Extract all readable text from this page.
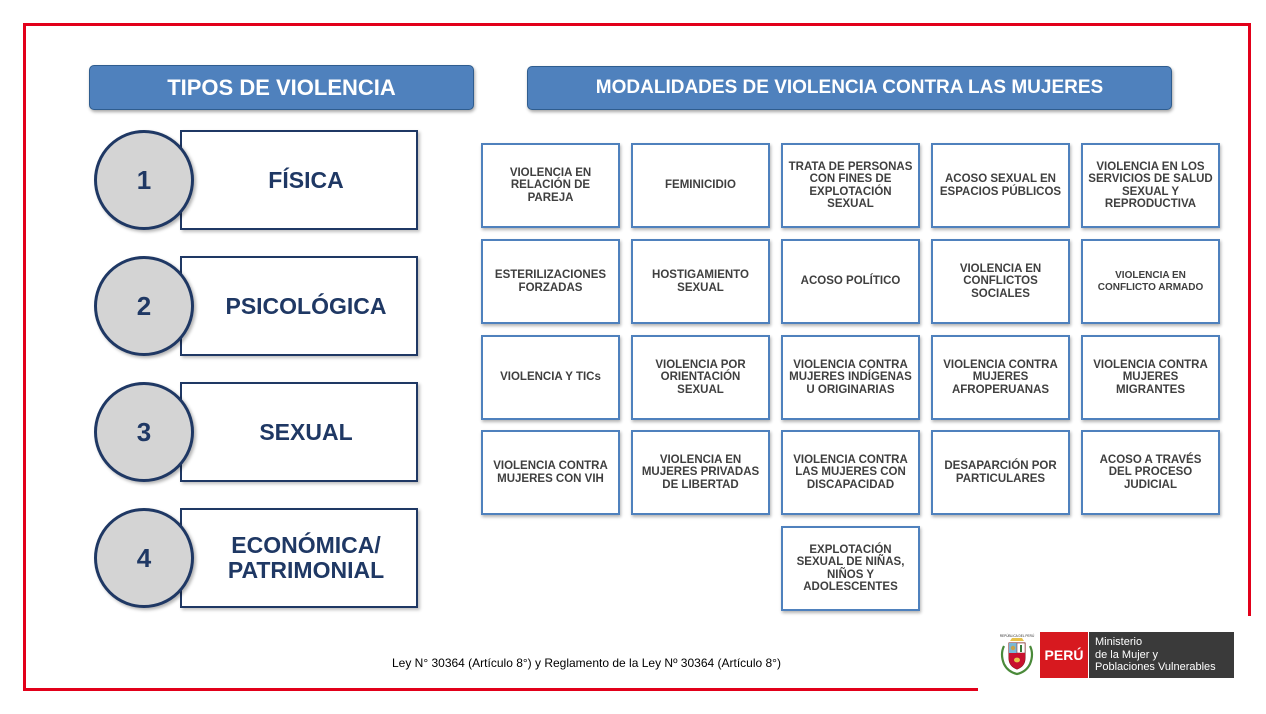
TIPOS DE VIOLENCIA	MODALIDADES DE VIOLENCIA CONTRA LAS MUJERES
FÍSICA
1
PSICOLÓGICA
2
SEXUAL
3
ECONÓMICA/ PATRIMONIAL
4
VIOLENCIA EN RELACIÓN DE PAREJA
FEMINICIDIO
TRATA DE PERSONAS CON FINES DE EXPLOTACIÓN SEXUAL
ACOSO SEXUAL EN ESPACIOS PÚBLICOS
VIOLENCIA EN LOS SERVICIOS DE SALUD SEXUAL Y REPRODUCTIVA
ESTERILIZACIONES FORZADAS
HOSTIGAMIENTO SEXUAL
ACOSO POLÍTICO
VIOLENCIA EN CONFLICTOS SOCIALES
VIOLENCIA EN CONFLICTO ARMADO
VIOLENCIA Y TICs
VIOLENCIA POR ORIENTACIÓN SEXUAL
VIOLENCIA CONTRA MUJERES INDÍGENAS U ORIGINARIAS
VIOLENCIA CONTRA MUJERES AFROPERUANAS
VIOLENCIA CONTRA MUJERES MIGRANTES
VIOLENCIA CONTRA MUJERES CON VIH
VIOLENCIA EN MUJERES PRIVADAS DE LIBERTAD
VIOLENCIA CONTRA LAS MUJERES CON DISCAPACIDAD
DESAPARCIÓN POR PARTICULARES
ACOSO A TRAVÉS DEL PROCESO JUDICIAL
EXPLOTACIÓN SEXUAL DE NIÑAS, NIÑOS Y ADOLESCENTES
Ley N° 30364 (Artículo 8°) y Reglamento de la Ley Nº 30364 (Artículo 8°)
REPÚBLICA DEL PERÚ
PERÚ
Ministerio
de la Mujer y
Poblaciones Vulnerables
